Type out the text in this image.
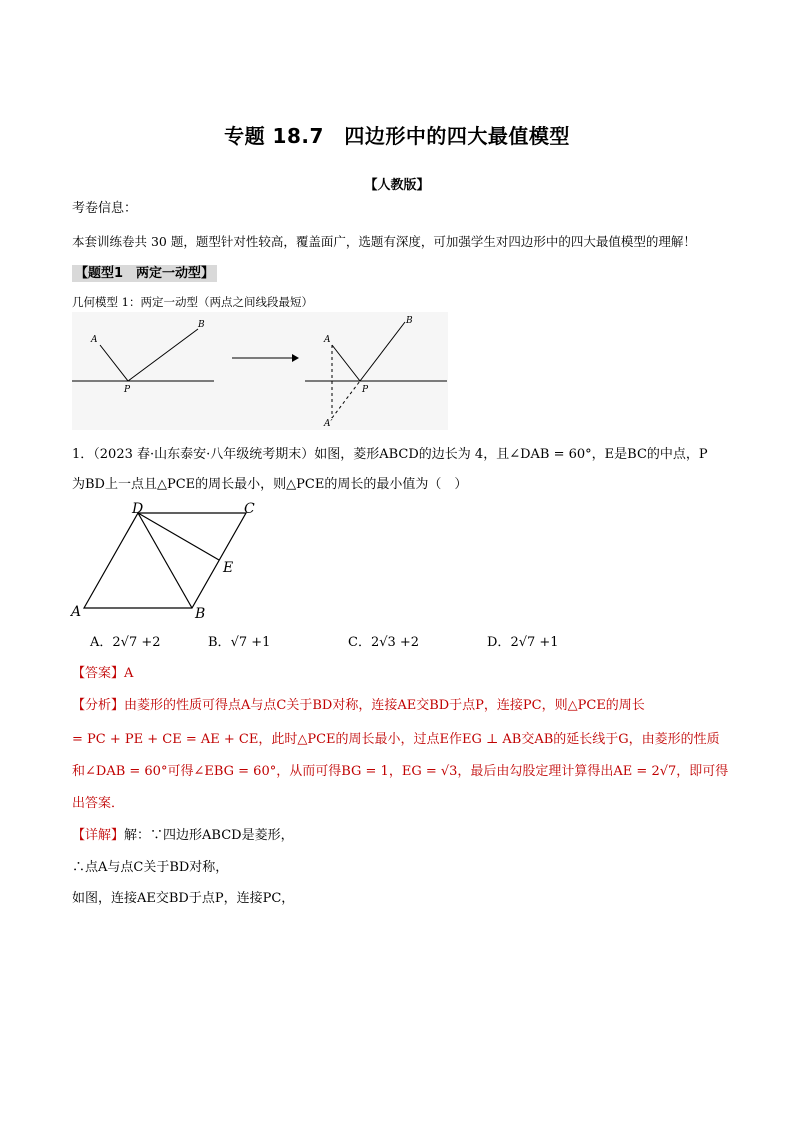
专题 18.7　四边形中的四大最值模型
【人教版】
考卷信息：
本套训练卷共 30 题，题型针对性较高，覆盖面广，选题有深度，可加强学生对四边形中的四大最值模型的理解！
【题型1　两定一动型】
几何模型 1：两定一动型（两点之间线段最短）
A
B
P
A
B
P
A′
1．（2023 春·山东泰安·八年级统考期末）如图，菱形ABCD的边长为 4，且∠DAB = 60°，E是BC的中点，P
为BD上一点且△PCE的周长最小，则△PCE的周长的最小值为（　）
A	B
C
D
E
A．2√7 +2	B．√7 +1	C．2√3 +2	D．2√7 +1
【答案】A
【分析】由菱形的性质可得点A与点C关于BD对称，连接AE交BD于点P，连接PC，则△PCE的周长
= PC + PE + CE = AE + CE，此时△PCE的周长最小，过点E作EG ⊥ AB交AB的延长线于G，由菱形的性质
和∠DAB = 60°可得∠EBG = 60°，从而可得BG = 1，EG = √3，最后由勾股定理计算得出AE = 2√7，即可得
出答案．
【详解】解：∵四边形ABCD是菱形，
∴点A与点C关于BD对称，
如图，连接AE交BD于点P，连接PC，
